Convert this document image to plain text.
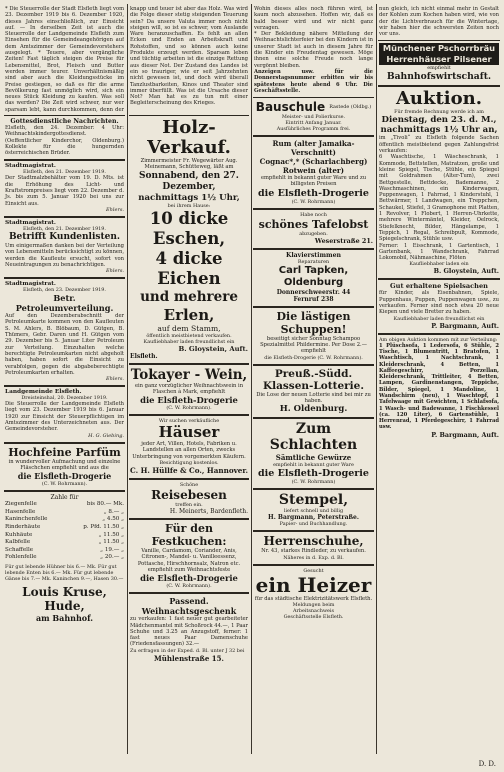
* Die Steuerrolle der Stadt Elsfleth liegt vom 23. Dezember 1919 bis 6. Dezember 1920, dieses Jahres einschließlich, zur Einsicht auf. — In derselben Zeit ist auch die Steuerrolle der Landgemeinde Elsfleth zum Einsehen für die Gemeindeangehörigen auf dem Amtszimmer der Gemeindevorstehers ausgelegt. * Teuere, aber vergängliche Zeiten! Fast täglich steigen die Preise für Lebensmittel, Brot, Fleisch und Butter werden immer teurer. Unverhältnismäßig sind aber auch die Kleidungsstücke im Preise gestiegen, so daß es für die arme Bevölkerung fast unmöglich wird, sich ein neues Stück Kleidung zu kaufen. Was soll das werden? Die Zeit wird schwer, nur wer sparsam lebt, kann durchkommen, denn der
Gottesdienstliche Nachrichten.
Elsfleth, den 24. Dezember: 4 Uhr: Weihnachtskindergottesdienst. (Oeffentlicher Kinderchor, Oldenburg.) Kollekte für die hungernden österreichischen Brüder.
Stadtmagistrat.
Elsfleth, den 21. Dezember 1919.
Der Stadtmalzbehälter vom 19. D. Mts. ist die Erhöhung des Licht- und Kraftstrompreises liegt vom 22. Dezember d. Js. bis zum 5. Januar 1920 bei uns zur Einsicht aus.
Ehlers.
Stadtmagistrat.
Elsfleth, den 21. Dezember 1919.
Betrifft Kundenlisten.
Um einigermaßen danken bei der Verteilung von Lebensmitteln berücksichtigt zu können, werden die Kaufleute ersucht, sofort von Neueintragungen zu benachrichtigen.
Ehlers.
Stadtmagistrat.
Elsfleth, den 23. Dezember 1919.
Betr. Petroleumverteilung.
Auf den Dezemberabschnitt der Petroleumkarte kommen von den Kaufleuten S. M. Ahlers, B. Blöbaum, D. Gütgen, B. Thümers, Gebr. Daren und H. Gütgen vom 29. Dezember bis 5. Januar Liter Petroleum zur Verteilung. Einzuhalten welche berechtigte Petroleumkarten nicht abgeholt haben, haben sofort die Einsicht zu verabfolgen, gegen die abgabeberechtigte Petroleumkarten erhalten.
Ehlers.
Landgemeinde Elsfleth.
Dreisteinshal, 20. Dezember 1919.
Die Steuerrolle der Landgemeinde Elsfleth liegt vom 23. Dezember 1919 bis 6. Januar 1920 zur Einsicht der Steuerpflichtigen im Amtszimmer des Unterzeichneten aus. Der Gemeindevorsteher.
H. G. Giebing.
Hochfeine Parfüm
in wundervoller Aufmachung und einzelne Fläschchen empfiehlt und aus die
die Elsfleth-Drogerie
(C. W. Rohrmann).
Zahle für
Ziegenfelle	bis 80.— Mk.
Hasenfelle	„ 8.— „
Kaninchenfelle	„ 4.50 „
Rinderhäute	p. Pfd. 11.50 „
Kuhhäute	„ 11.50 „
Kalbfelle	„ 11.50 „
Schaffelle	„ 19.— „
Fohlenfelle	„ 20.— „
Für gut lebende Hühner bis 6.— Mk. Für gut lebende Enten bis 6.— Mk. Für gut lebende Gänse bis 7.— Mk. Kaninchen 9.—, Hasen 30.—
Louis Kruse, Hude,
am Bahnhof.
knapp und teuer ist aber das Holz. Was wird die Folge dieser stetig steigenden Teuerung sein? Da unsere Valuta immer noch nicht steigen will, so ist es schwer, vom Auslande Ware heranzuschaffen. Es fehlt an allen Ecken und Enden an Arbeitskraft und Rohstoffen, und so können auch keine Produkte erzeugt werden. Sparsam leben und tüchtig arbeiten ist die einzige Rettung aus dieser Not. Der Zustand des Landes ist ein so trauriger, wie er seit Jahrzehnten nicht gewesen ist, und doch wird überall Tanzlustbarkeiten, Kinos und Theater sind immer überfüllt. Was ist die Ursache dieser Not? Man hat es zu tun mit einer Begleiterscheinung des Krieges.
Holz-Verkauf.
Zimmermeister Fr. Wegewärter Aug. Meinemann, Schütteweg, läßt am
Sonnabend, den 27. Dezember,
nachmittags 1½ Uhr,
bei ihrem Hause:
10 dicke Eschen,
4 dicke Eichen
und mehrere
Erlen,
auf dem Stamm,
öffentlich meistbietend verkaufen.
Kaufliebhaber laden freundlichst ein
B. Gloystein, Auft.
Elsfleth.
Tokayer - Wein,
ein ganz vorzüglicher Weihnachtswein in Flaschen à Mark, empfiehlt
die Elsfleth-Drogerie
(C. W. Rohrmann).
Wir suchen verkäufliche
Häuser
jeder Art, Villen, Hotels, Fabriken u. Landstellen an allen Orten, zwecks Unterbringung von vorgemerkten Käufern.
Besichtigung kostenlos.
C. H. Hüllfe & Co., Hannover.
Schöne
Reisebesen
treffen ein.
H. Meinerts, Bardenfleth.
Für den Festkuchen:
Vanille, Cardamom, Coriander, Anis, Citronen-, Mandel- u. Vanilleessenz, Pottasche, Hirschhornsalz, Natron etc. empfiehlt zum Weihnachtsfeste
die Elsfleth-Drogerie
(C. W. Rohrmann).
Passend. Weihnachtsgeschenk
zu verkaufen: 1 fast neuer gut gearbeiteter Mädchenmantel mit Schoßrock 44.—, 1 Paar Schuhe und 3.25 an Anzugstoff, ferner: 1 fast neues Paar Damenschuhe (Friedensfassungen) 32.—
Zu erfragen in der Exped. d. Bl. unter J 32 bei
Mühlenstraße 15.
Wohin dieses alles noch führen wird, ist kaum noch abzusehen. Hoffen wir, daß es bald besser wird und wir nicht ganz verzagen.
* Der Bekleidung nähere Mitteilung der Weihnachtslichterfeier bei den Kindern ist in unserer Stadt ist auch in diesem Jahre für die Kinder ein Freudentag gewesen. Möge ihnen eine solche Freude noch lange vergönnt bleiben.
Anzeigen usw. für die Donnerstagsnummer erbitten wir bis spätestens heute abend 6 Uhr. Die Geschäftsstelle.
Bauschule Rastede (Oldbg.)
Meister- und Polierkurse.
Eintritt Anfang Januar.
Ausführliches Programm frei.
Rum (alter Jamaika-Verschnitt)
Cognac*,* (Scharlachberg)
Rotwein (alter)
empfiehlt in bekannt guter Ware und zu billigsten Preisen
die Elsfleth-Drogerie
(C. W. Rohrmann)
Habe noch
schönes Tafelobst
abzugeben.
Weserstraße 21.
Klavierstimmen
Reparaturen
Carl Tapken, Oldenburg
Donnerschweerstr. 44
Fernruf 238
Die lästigen Schuppen!
beseitigt sicher Sonntag Schampoo Spezialmittel Phildermine. Per Dose 2.— empfiehlt
die Elsfleth-Drogerie (C. W. Rohrmann).
Preuß.-Südd. Klassen-Lotterie.
Die Lose der neuen Lotterie sind bei mir zu haben.
H. Oldenburg.
Zum Schlachten
Sämtliche Gewürze
empfiehlt in bekannt guter Ware
die Elsfleth-Drogerie
(C. W. Rohrmann)
Stempel,
liefert schnell und billig
H. Bargmann, Peterstraße.
Papier- und Buchhandlung.
Herrenschuhe,
Nr. 43, starkes Rindleder, zu verkaufen.
Näheres in d. Exp. d. Bl.
Gesucht
ein Heizer
für das städtische Elektrizitätswerk Elsfleth.
Meldungen beim
Arbeitsnachweis
Geschäftsstelle Elsfleth.
nun gleich, ich nicht einmal mehr in Gestalt der Kohlen zum Kochen haben wird, wie von der die Lichtverbrauch für die Wintertage, wir haben hier die schwersten Zeiten noch vor uns.
Münchener Pschorrbräu
Herrenhäuser Pilsener
empfiehlt
Bahnhofswirtschaft.
Auktion.
Für fremde Rechnung werde ich am
Dienstag, den 23. d. M.,
nachmittags 1½ Uhr an,
im „Tivoli“ zu Elsfleth folgende Sachen öffentlich meistbietend gegen Zahlungsfrist verkaufen:
6 Waschtische, 1 Wäscheschrank, 1 Kommode, Bettstellen, Matratzen, große und kleine Spiegel, Tische, Stühle, ein Spiegel mit Goldrahmen (Alter-Tum), zwei Bettgestelle, Bettdecke, Bademanne, 2 Waschmaschinen, ein Kinderwagen, Puppenwagen, 1 Fahrrad, 1 Kinderstuhl, 1 Bettwärmer, 1 Landwagen, ein Treppchen, Schaukel, Stiefel, 3 Gramophone mit Platten, 1 Revolver, 1 Flobert, 1 Herren-Uhrkette, mehrere Wintermäntel, Kleider, Oelrock, Stiefelknecht, Bilder, Hängelampe, 1 Teppich, 1 Regal, Schreibpult, Kommode, Spiegelschrank, Stühle usw.
Ferner: 1 Eisschrank, 1 Gartentisch, 1 Gartenbank, 1 Wandschrank, Fahrrad Lokomobil, Nähmaschine, Flöten
Kaufliebhaber laden ein
B. Gloystein, Auft.
Gut erhaltene Spielsachen
für Kinder, als Eisenbahnen, Spiele, Puppenhaus, Puppen, Puppenwagen usw., zu verkaufen. Ferner sind noch etwa 20 neue Kiepen und viele Bretter zu haben.
Kaufliebhaber laden freundlichst ein
P. Bargmann, Auft.
Am obigen Auktion kommen mit zur Verteilung:
1 Plüschsofa, 1 Ledersofa, 6 Stühle, 2 Tische, 1 Blumentritt, 1 Bratofen, 1 Waschtisch, 1 Nachtschrank, 1 Kleiderschrank, 4 Betten, 1 Kaffeegeschirr, Porzellan, Kleiderschrank, Trittleiter, 4 Betten, Lampen, Gardinenstangen, Teppiche, Bilder, Spiegel, 1 Mandoline, 1 Wandschirm (neu), 1 Waschtopf, 1 Tafelwaage mit Gewichten, 1 Schlafsofa, 1 Wasch- und Badewanne, 1 Fischkessel (ca. 120 Liter), 6 Gartenstühle, 1 Herrenrad, 1 Pferdegeschirr, 1 Fahrrad usw.
P. Bargmann, Auft.
D. D.
